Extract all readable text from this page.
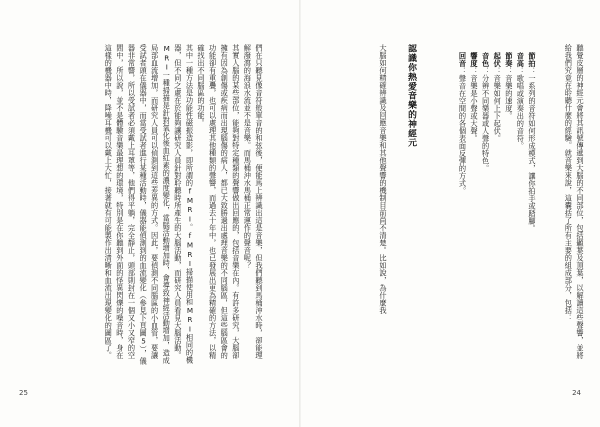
們在只聽見像音符般單音的和弦後，便能馬上辨識出這是音樂，但我們聽到馬桶沖水時，卻能理解潑瀉的海浪水流並不是音樂。而馬桶沖水馬桶正常運作的聲音呢？

其實人腦的某些部位，能夠對特定種類的聲響做出回應的，包括音樂在內。有許多研究，大腦卻擁有因為創傷或疾病而出現腦傷的病人，都已大致勝過出處理音樂的不同腦區，但這些腦區會的功能卻有重疊，也可以處理其他種類的聲響，而過去十年中，也已發展出更為精確的方法，以精確找出不同腦區的功能。

其中一種方法是功能性磁振造影，即所謂的fMRI。fMRI掃描使用和MRI相同的機器，但不同之處在於能夠讓研究人員針對聆聽時所產生的大腦活動，而研究人員看見大腦活動。MRI一種掃描是針對氧化後血紅素的濃度變化，當腦活動增加時，會導致神經活動增加，造成局部血流增加，而研究人員可以偵測到這些差異的方式。因此，要偵測不同腦區的小血管，要讓受試者頭在儀器中，而當受試者進行某種活動時，儀器能偵測到的血流變化（參見下頁圖5），儀器非常響，所以受試者必須戴上耳罩等，他們得平躺，完全靜止，頭部則封在一個又小又窄的空間中，所以說，並不是體驗音樂最理想的環境，特別是在你聽到外面的怪異閃爍的噪音時，身在這樣的機器中時，降噪耳機可以戴上大忙，接著就有可能製作出清晰和血流出現變化的圖區了。

25
聽覺皮層的神經元會將其訊號傳遞到大腦的不同部位，包括顳葉及頂葉，以解讀這些聲響，並將給我們究竟在聆聽什麼的經驗。就音樂來說，這囊括了所有主要的組成部分，包括：

節拍：一系列的音符如何形成模式，讓你拍手或踏腳。

音高：歌唱或演奏出的音符。

節奏：音樂的速度。

起伏：音樂如何上下起伏。

音色：分辨不同樂器或人聲的特色。

響度：音樂是小聲或大聲。

回音：聲音在空間的各個表面反彈的方式。

認識你熱愛音樂的神經元
大腦如何精確辨識及回應音樂和其他聲響的機制目前尚不清楚。比如說，為什麼我
24
